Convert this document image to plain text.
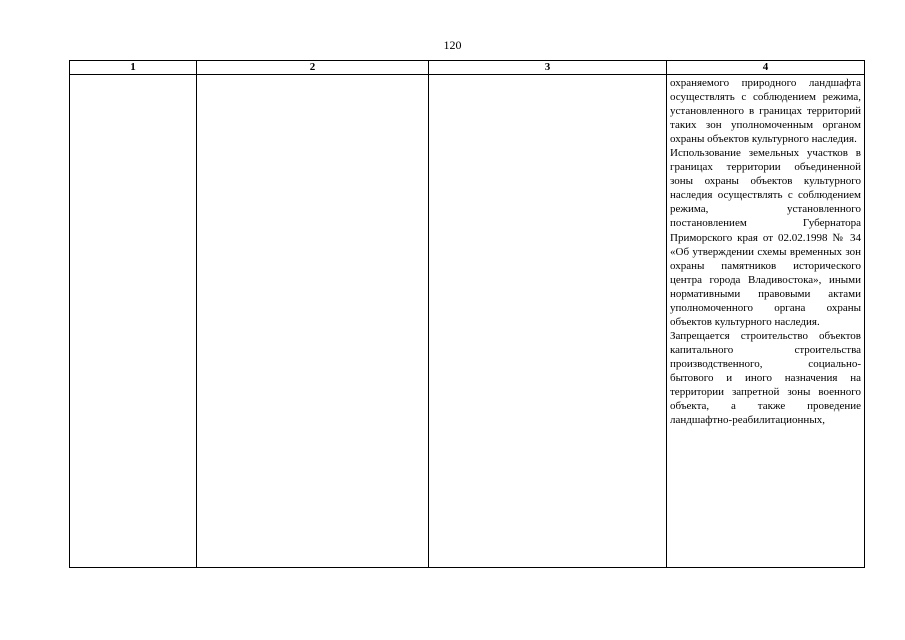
120
1	2	3	4

			охраняемого природного ландшафта осуществлять с соблюдением режима, установленного в границах территорий таких зон уполномоченным органом охраны объектов культурного наследия.

Использование земельных участков в границах территории объединенной зоны охраны объектов культурного наследия осуществлять с соблюдением режима, установленного постановлением Губернатора Приморского края от 02.02.1998 № 34 «Об утверждении схемы временных зон охраны памятников исторического центра города Владивостока», иными нормативными правовыми актами уполномоченного органа охраны объектов культурного наследия.

Запрещается строительство объектов капитального строительства производственного, социально-бытового и иного назначения на территории запретной зоны военного объекта, а также проведение ландшафтно-реабилитационных,
